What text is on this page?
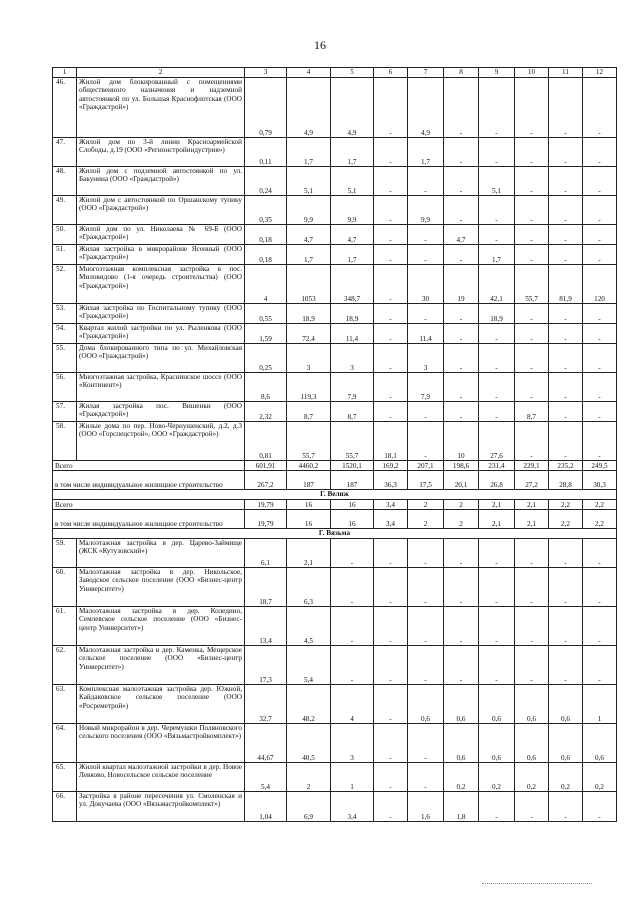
16
1	2	3	4	5	6	7	8	9	10	11	12
46.	Жилой дом блокированный с помещениями общественного назначения и надземной автостоянкой по ул. Большая Краснофлотская (ООО «Граждастрой»)	0,79	4,9	4,9	-	4,9	-	-	-	-	-
47.	Жилой дом по 3-й линии Красноармейской Слободы, д.19 (ООО «Регионстройиндустрия»)	0,11	1,7	1,7	-	1,7	-	-	-	-	-
48.	Жилой дом с подземной автостоянкой по ул. Бакунина (ООО «Граждастрой»)	0,24	5,1	5,1	-	-	-	5,1	-	-	-
49.	Жилой дом с автостоянкой по Оршанскому тупику (ООО «Граждастрой»)	0,35	9,9	9,9	-	9,9	-	-	-	-	-
50.	Жилой дом по ул. Николаева № 69-Б (ООО «Граждастрой»)	0,18	4,7	4,7	-	-	4,7	-	-	-	-
51.	Жилая застройка в микрорайоне Ясенный (ООО «Граждастрой»)	0,18	1,7	1,7	-	-	-	1,7	-	-	-
52.	Многоэтажная комплексная застройка в пос. Миловидово (1-я очередь строительства) (ООО «Граждастрой»)	4	1053	348,7	-	30	19	42,1	55,7	81,9	120
53.	Жилая застройка по Госпитальному тупику (ООО «Граждастрой»)	0,55	18,9	18,9	-	-	-	18,9	-	-	-
54.	Квартал жилой застройки по ул. Рыленкова (ООО «Граждастрой»)	1,59	72,4	11,4	-	11,4	-	-	-	-	-
55.	Дома блокированного типа по ул. Михайловская (ООО «Граждастрой»)	0,25	3	3	-	3	-	-	-	-	-
56.	Многоэтажная застройка, Краснинское шоссе (ООО «Континент»)	8,6	119,3	7,9	-	7,9	-	-	-	-	-
57.	Жилая застройка пос. Вишенки (ООО «Граждастрой»)	2,32	8,7	8,7	-	-	-	-	8,7	-	-
58.	Жилые дома по пер. Ново-Чернушенский, д.2, д.3 (ООО «Горспецстрой», ООО «Граждастрой»)	0,81	55,7	55,7	18,1	-	10	27,6	-	-	-
Всего		601,91	4460,2	1520,1	169,2	207,1	198,6	231,4	229,1	235,2	249,5
в том числе индивидуальное жилищное строительство		267,2	187	187	36,3	17,5	20,1	26,8	27,2	28,8	30,3
Г. Велиж											
Всего		19,79	16	16	3,4	2	2	2,1	2,1	2,2	2,2
в том числе индивидуальное жилищное строительство		19,79	16	16	3,4	2	2	2,1	2,1	2,2	2,2
Г. Вязьма											
59.	Малоэтажная застройка в дер. Царево-Займище (ЖСК «Кутузовский»)	6,1	2,1	-	-	-	-	-	-	-	-
60.	Малоэтажная застройка в дер. Никольское, Заводское сельское поселение (ООО «Бизнес-центр Университет»)	18,7	6,3	-	-	-	-	-	-	-	-
61.	Малоэтажная застройка в дер. Коледино, Семлевское сельское поселение (ООО «Бизнес-центр Университет»)	13,4	4,5	-	-	-	-	-	-	-	-
62.	Малоэтажная застройка в дер. Каменка, Мещерское сельское поселение (ООО «Бизнес-центр Университет»)	17,3	5,4	-	-	-	-	-	-	-	-
63.	Комплексная малоэтажная застройка дер. Южной, Кайдаковское сельское поселение (ООО «Росреметрой»)	32,7	48,2	4	-	0,6	0,6	0,6	0,6	0,6	1
64.	Новый микрорайон в дер. Черемушки Поляновского сельского поселения (ООО «Вязьмастройкомплект»)	44,67	40,5	3	-	-	0,6	0,6	0,6	0,6	0,6
65.	Жилой квартал малоэтажной застройки в дер. Новое Левково, Новосельское сельское поселение	5,4	2	1	-	-	0,2	0,2	0,2	0,2	0,2
66.	Застройка в районе пересечения ул. Смоленская и ул. Докучаева (ООО «Вязьмастройкомплект»)	1,04	6,9	3,4	-	1,6	1,8	-	-	-	-
